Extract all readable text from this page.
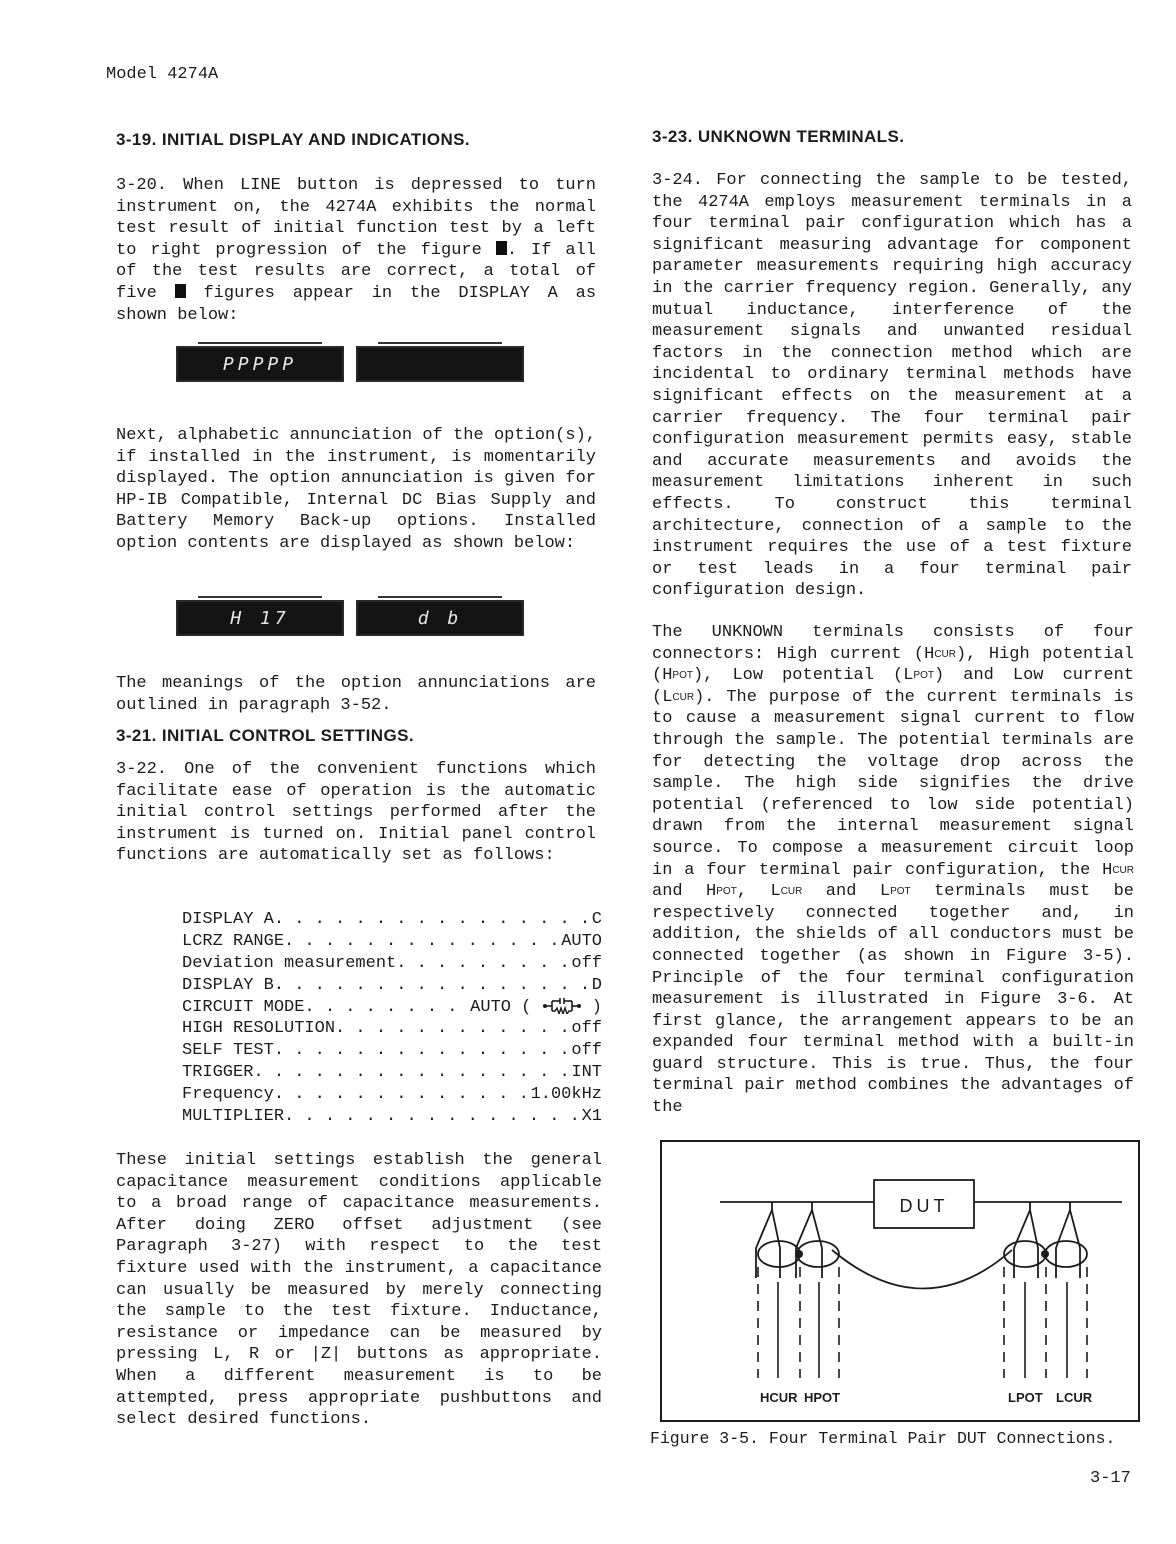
Model 4274A
3-19. INITIAL DISPLAY AND INDICATIONS.

3-20. When LINE button is depressed to turn instrument on, the 4274A exhibits the normal test result of initial function test by a left to right progression of the figure . If all of the test results are correct, a total of five	figures appear in the DISPLAY A as shown below:

PPPPP

Next, alphabetic annunciation of the option(s), if installed in the instrument, is momentarily displayed. The option annunciation is given for HP-IB Compatible, Internal DC Bias Supply and Battery Memory Back-up options. Installed option contents are displayed as shown below:

H 17	d b

The meanings of the option annunciations are outlined in paragraph 3-52.

3-21. INITIAL CONTROL SETTINGS.

3-22. One of the convenient functions which facilitate ease of operation is the automatic initial control settings performed after the instrument is turned on. Initial panel control functions are automatically set as follows:

DISPLAY A . . .	C
LCRZ RANGE . . .	AUTO
Deviation measurement . . .	off
DISPLAY B . . .	D
CIRCUIT MODE . . .	AUTO (	)
HIGH RESOLUTION . . .	off
SELF TEST . . .	off
TRIGGER . . .	INT
Frequency . . .	1.00kHz
MULTIPLIER . . .	X1

These initial settings establish the general capacitance measurement conditions applicable to a broad range of capacitance measurements. After doing ZERO offset adjustment (see Paragraph 3-27) with respect to the test fixture used with the instrument, a capacitance can usually be measured by merely connecting the sample to the test fixture. Inductance, resistance or impedance can be measured by pressing L, R or |Z| buttons as appropriate. When a different measurement is to be attempted, press appropriate pushbuttons and select desired functions.

3-23. UNKNOWN TERMINALS.

3-24. For connecting the sample to be tested, the 4274A employs measurement terminals in a four terminal pair configuration which has a significant measuring advantage for component parameter measurements requiring high accuracy in the carrier frequency region. Generally, any mutual inductance, interference of the measurement signals and unwanted residual factors in the connection method which are incidental to ordinary terminal methods have significant effects on the measurement at a carrier frequency. The four terminal pair configuration measurement permits easy, stable and accurate measurements and avoids the measurement limitations inherent in such effects. To construct this terminal architecture, connection of a sample to the instrument requires the use of a test fixture or test leads in a four terminal pair configuration design.

The UNKNOWN terminals consists of four connectors: High current $(H_{CUR})$, High potential $(H_{POT})$, Low potential $(L_{POT})$ and Low current $(L_{CUR})$. The purpose of the current terminals is to cause a measurement signal current to flow through the sample. The potential terminals are for detecting the voltage drop across the sample. The high side signifies the drive potential (referenced to low side potential) drawn from the internal measurement signal source. To compose a measurement circuit loop in a four terminal pair configuration, the $H_{CUR}$ and $H_{POT}$, $L_{CUR}$ and $L_{POT}$ terminals must be respectively connected together and, in addition, the shields of all conductors must be connected together (as shown in Figure 3-5). Principle of the four terminal configuration measurement is illustrated in Figure 3-6. At first glance, the arrangement appears to be an expanded four terminal method with a built-in guard structure. This is true. Thus, the four terminal pair method combines the advantages of the

DUT
HCUR HPOT	LPOT LCUR
Figure 3-5. Four Terminal Pair DUT Connections.
3-17
